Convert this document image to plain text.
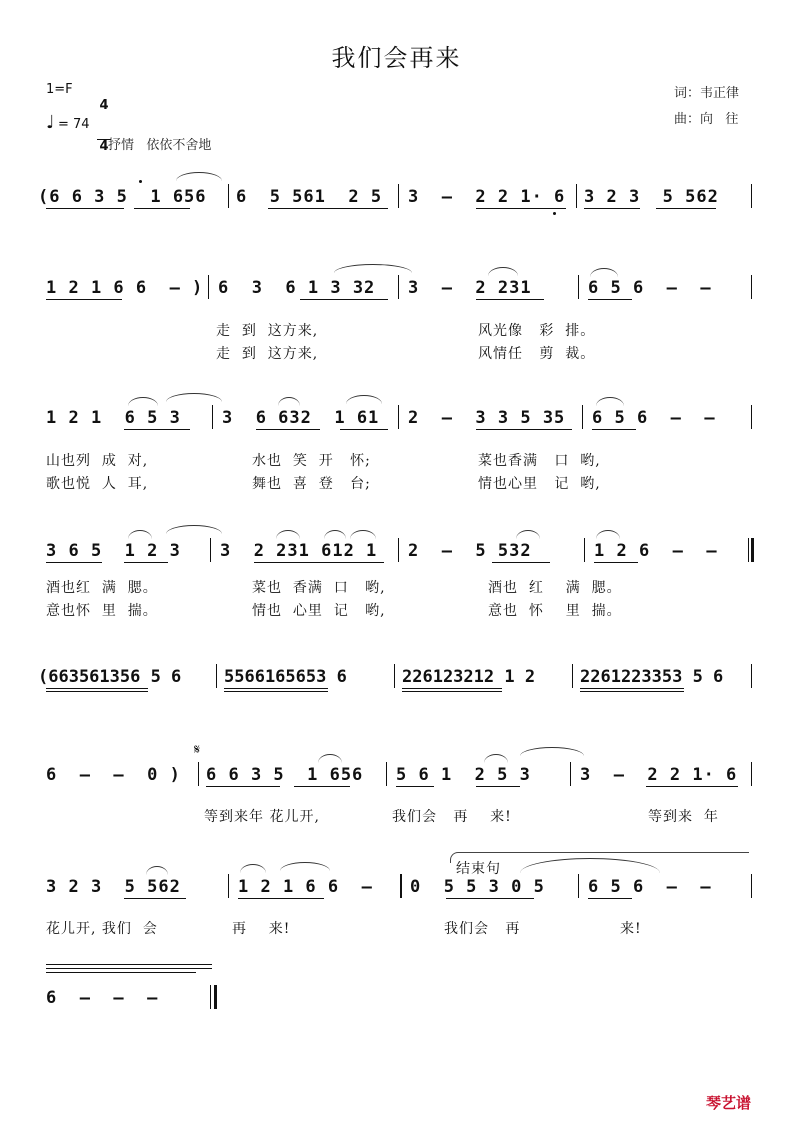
我们会再来
1=F

4

4

词：韦正律
曲：向   往
♩ = 74
抒情   依依不舍地
(6 6 3 5  1 656 6  5 561  2 5 3  –  2 2 1· 6 3 2 3  5 562
1 2 1 6 6  – ) 6  3  6 1 3 32 3  –  2 231	6 5 6  –  –
走  到  这方来,	风光像   彩  排。
走  到  这方来,	风情任   剪  裁。
1 2 1  6 5 3 3  6 632  1 61 2  –  3 3 5 35 6 5 6  –  –
山也列  成  对,	水也  笑  开   怀;	菜也香满   口  哟,
歌也悦  人  耳,	舞也  喜  登   台;	情也心里   记  哟,
3 6 5  1 2 3 3  2 231 612 1 2  –  5 532	1 2 6  –  –
酒也红  满  腮。	菜也  香满  口   哟,	酒也  红    满  腮。
意也怀  里  揣。	情也  心里  记   哟,	意也  怀    里  揣。
(663561356 5 6	5566165653 6	226123212 1 2	2261223353 5 6
𝄋
6  –  –  0 ) 6 6 3 5  1 656 5 6 1  2 5 3	3  –  2 2 1· 6
等到来年 花儿开,	我们会   再    来!	等到来  年
结束句
3 2 3  5 562	1 2 1 6 6  – 0  5 5 3 0 5	6 5 6  –  –
花儿开, 我们  会	再    来!	我们会   再	来!
6  –  –  –
琴艺谱
